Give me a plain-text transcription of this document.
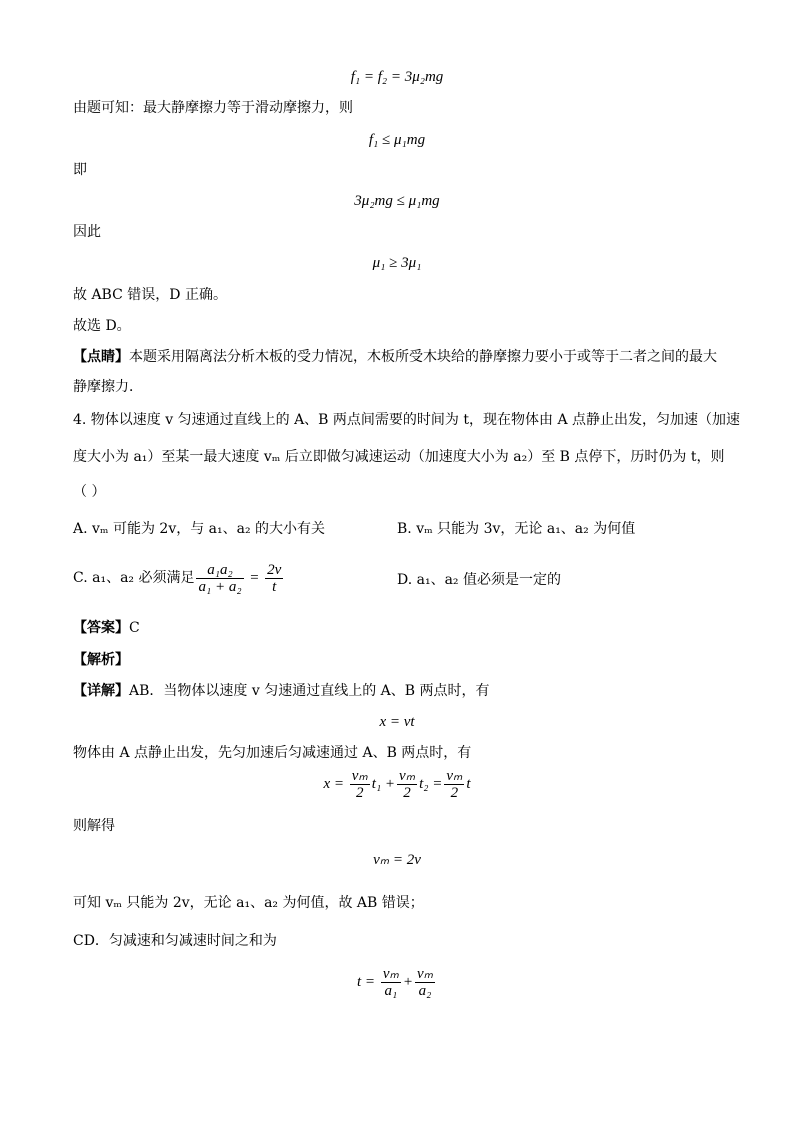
f₁ = f₂ = 3μ₂mg
由题可知：最大静摩擦力等于滑动摩擦力，则
f₁ ≤ μ₁mg
即
3μ₂mg ≤ μ₁mg
因此
μ₁ ≥ 3μ₁
故 ABC 错误，D 正确。
故选 D。
【点睛】本题采用隔离法分析木板的受力情况，木板所受木块给的静摩擦力要小于或等于二者之间的最大
静摩擦力．
4. 物体以速度 v 匀速通过直线上的 A、B 两点间需要的时间为 t，现在物体由 A 点静止出发，匀加速（加速
度大小为 a₁）至某一最大速度 vₘ 后立即做匀减速运动（加速度大小为 a₂）至 B 点停下，历时仍为 t，则
（ ）
A. vₘ 可能为 2v，与 a₁、a₂ 的大小有关	B. vₘ 只能为 3v，无论 a₁、a₂ 为何值
C. a₁、a₂ 必须满足 $\frac{\text{a₁a₂}}{\text{a₁ + a₂}} = \frac{2v}{t}$	D. a₁、a₂ 值必须是一定的
【答案】C
【解析】
【详解】AB．当物体以速度 v 匀速通过直线上的 A、B 两点时，有
x = vt
物体由 A 点静止出发，先匀加速后匀减速通过 A、B 两点时，有
$x = \frac{\text{vₘ}}{2} t_1 + \frac{\text{vₘ}}{2} t_2 = \frac{\text{vₘ}}{2}$ t
则解得
vₘ = 2v
可知 vₘ 只能为 2v，无论 a₁、a₂ 为何值，故 AB 错误；
CD．匀减速和匀减速时间之和为
$t = \frac{\text{vₘ}}{\text{a₁}} + \frac{\text{vₘ}}{\text{a₂}}$
